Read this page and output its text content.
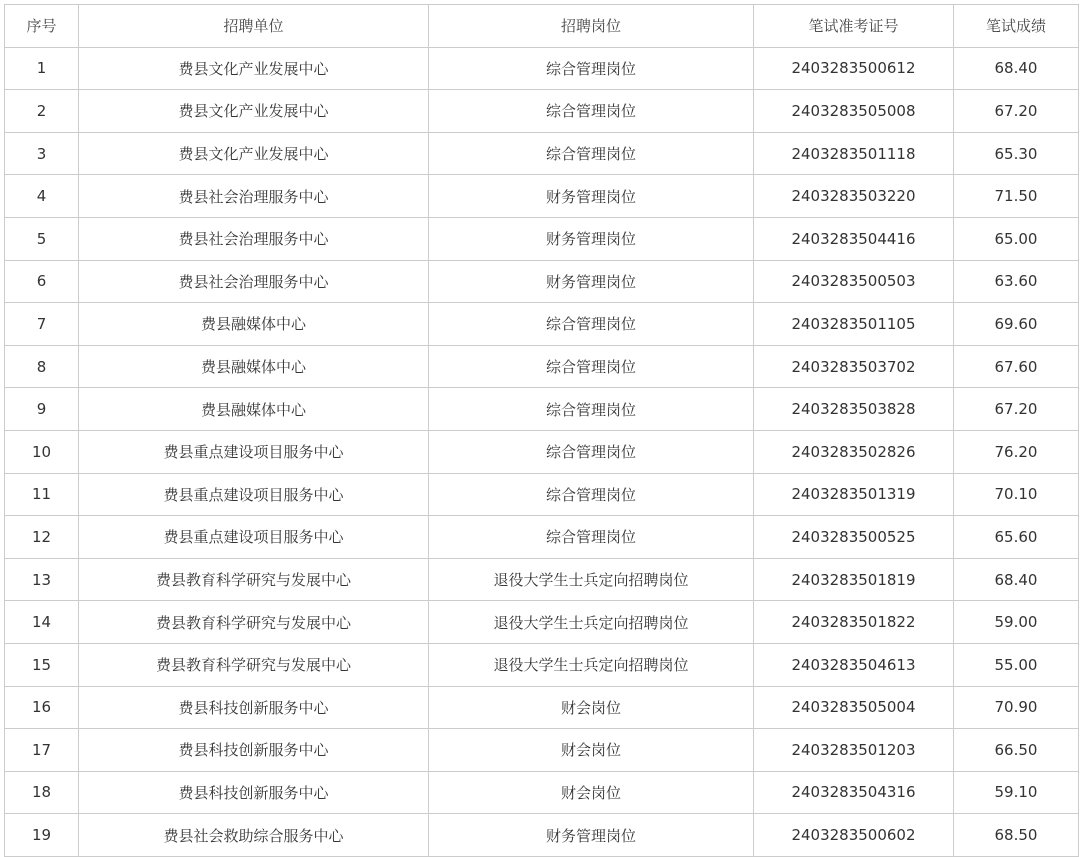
序号	招聘单位	招聘岗位	笔试准考证号	笔试成绩
1	费县文化产业发展中心	综合管理岗位	2403283500612	68.40
2	费县文化产业发展中心	综合管理岗位	2403283505008	67.20
3	费县文化产业发展中心	综合管理岗位	2403283501118	65.30
4	费县社会治理服务中心	财务管理岗位	2403283503220	71.50
5	费县社会治理服务中心	财务管理岗位	2403283504416	65.00
6	费县社会治理服务中心	财务管理岗位	2403283500503	63.60
7	费县融媒体中心	综合管理岗位	2403283501105	69.60
8	费县融媒体中心	综合管理岗位	2403283503702	67.60
9	费县融媒体中心	综合管理岗位	2403283503828	67.20
10	费县重点建设项目服务中心	综合管理岗位	2403283502826	76.20
11	费县重点建设项目服务中心	综合管理岗位	2403283501319	70.10
12	费县重点建设项目服务中心	综合管理岗位	2403283500525	65.60
13	费县教育科学研究与发展中心	退役大学生士兵定向招聘岗位	2403283501819	68.40
14	费县教育科学研究与发展中心	退役大学生士兵定向招聘岗位	2403283501822	59.00
15	费县教育科学研究与发展中心	退役大学生士兵定向招聘岗位	2403283504613	55.00
16	费县科技创新服务中心	财会岗位	2403283505004	70.90
17	费县科技创新服务中心	财会岗位	2403283501203	66.50
18	费县科技创新服务中心	财会岗位	2403283504316	59.10
19	费县社会救助综合服务中心	财务管理岗位	2403283500602	68.50
